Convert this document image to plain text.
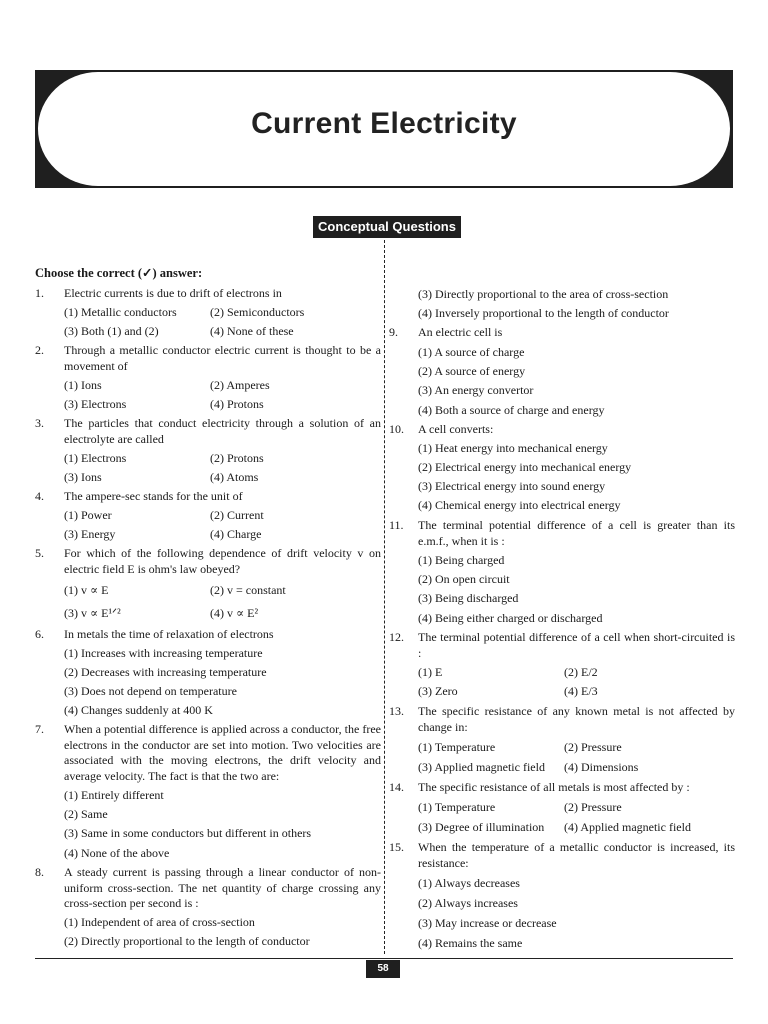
Current Electricity
Conceptual Questions
Choose the correct (✓) answer:
1.	Electric currents is due to drift of electrons in
(1) Metallic conductors	(2) Semiconductors
(3) Both (1) and (2)	(4) None of these
2.	Through a metallic conductor electric current is thought to be a movement of
(1) Ions	(2) Amperes
(3) Electrons	(4) Protons
3.	The particles that conduct electricity through a solution of an electrolyte are called
(1) Electrons	(2) Protons
(3) Ions	(4) Atoms
4.	The ampere-sec stands for the unit of
(1) Power	(2) Current
(3) Energy	(4) Charge
5.	For which of the following dependence of drift velocity v on electric field E is ohm's law obeyed?
(1) v ∝ E	(2) v = constant
(3) v ∝ E¹ᐟ²	(4) v ∝ E²
6.	In metals the time of relaxation of electrons
(1) Increases with increasing temperature
(2) Decreases with increasing temperature
(3) Does not depend on temperature
(4) Changes suddenly at 400 K
7.	When a potential difference is applied across a conductor, the free electrons in the conductor are set into motion. Two velocities are associated with the moving electrons, the drift velocity and average velocity. The fact is that the two are:
(1) Entirely different
(2) Same
(3) Same in some conductors but different in others
(4) None of the above
8.	A steady current is passing through a linear conductor of non-uniform cross-section. The net quantity of charge crossing any cross-section per second is :
(1) Independent of area of cross-section
(2) Directly proportional to the length of conductor
(3) Directly proportional to the area of cross-section
(4) Inversely proportional to the length of conductor
9.	An electric cell is
(1) A source of charge
(2) A source of energy
(3) An energy convertor
(4) Both a source of charge and energy
10.	A cell converts:
(1) Heat energy into mechanical energy
(2) Electrical energy into mechanical energy
(3) Electrical energy into sound energy
(4) Chemical energy into electrical energy
11.	The terminal potential difference of a cell is greater than its e.m.f., when it is :
(1) Being charged
(2) On open circuit
(3) Being discharged
(4) Being either charged or discharged
12.	The terminal potential difference of a cell when short-circuited is :
(1) E	(2) E/2
(3) Zero	(4) E/3
13.	The specific resistance of any known metal is not affected by change in:
(1) Temperature	(2) Pressure
(3) Applied magnetic field (4) Dimensions
14.	The specific resistance of all metals is most affected by :
(1) Temperature	(2) Pressure
(3) Degree of illumination (4) Applied magnetic field
15.	When the temperature of a metallic conductor is increased, its resistance:
(1) Always decreases
(2) Always increases
(3) May increase or decrease
(4) Remains the same
58
